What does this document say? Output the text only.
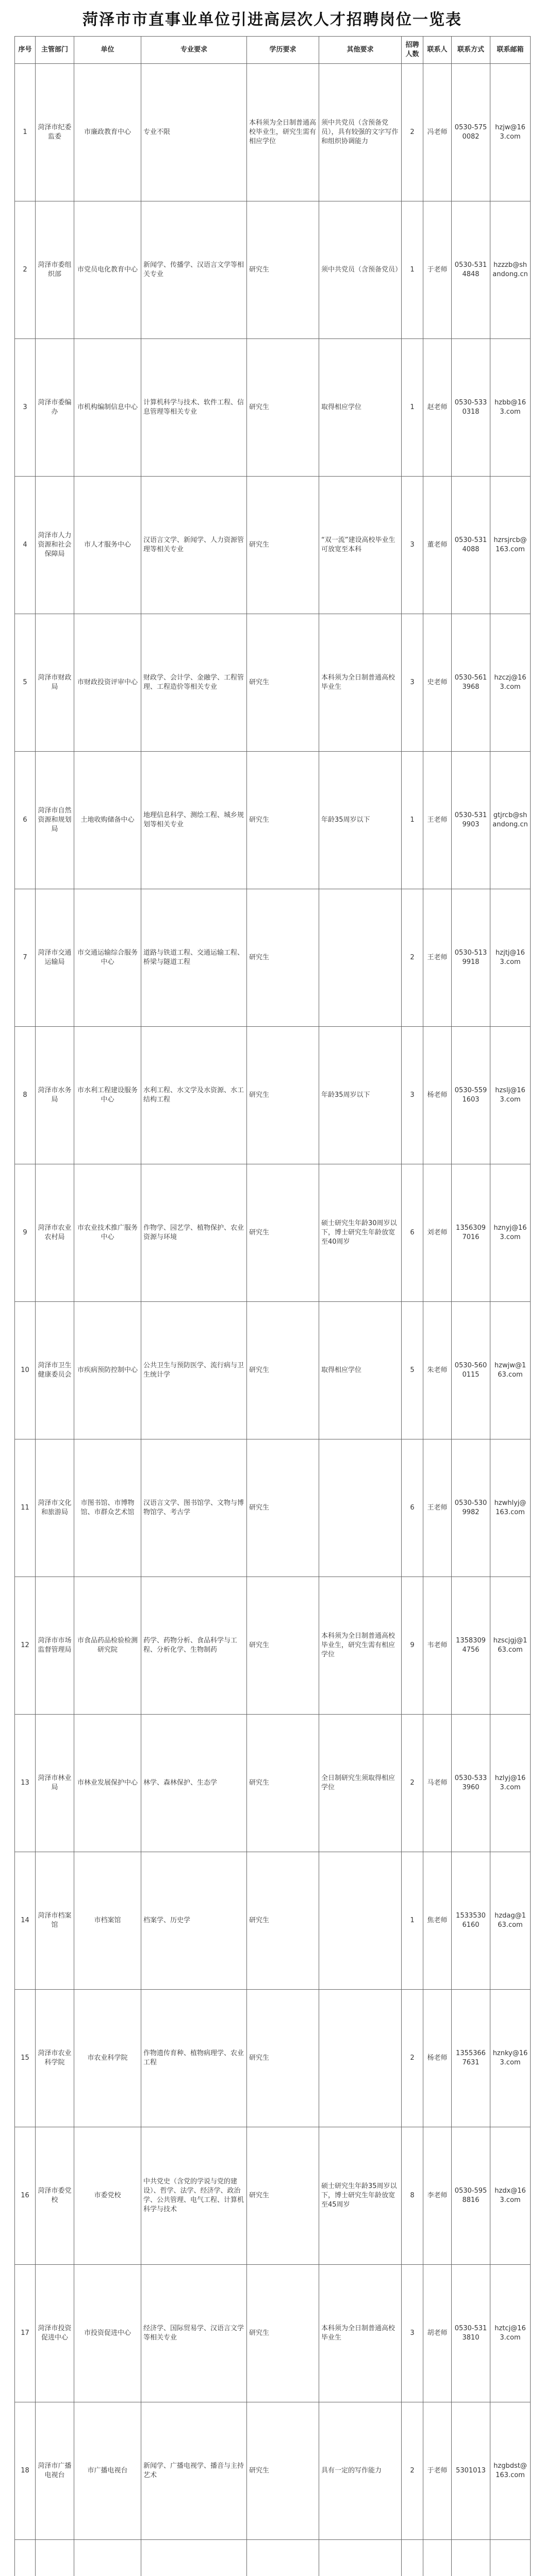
菏泽市市直事业单位引进高层次人才招聘岗位一览表
序号	主管部门	单位	专业要求	学历要求	其他要求	招聘人数	联系人	联系方式	联系邮箱
1	菏泽市纪委监委	市廉政教育中心	专业不限	本科须为全日制普通高校毕业生，研究生需有相应学位	须中共党员（含预备党员），具有较强的文字写作和组织协调能力	2	冯老师	0530-5750082	hzjw@163.com
2	菏泽市委组织部	市党员电化教育中心	新闻学、传播学、汉语言文学等相关专业	研究生	须中共党员（含预备党员）	1	于老师	0530-5314848	hzzzb@shandong.cn
3	菏泽市委编办	市机构编制信息中心	计算机科学与技术、软件工程、信息管理等相关专业	研究生	取得相应学位	1	赵老师	0530-5330318	hzbb@163.com
4	菏泽市人力资源和社会保障局	市人才服务中心	汉语言文学、新闻学、人力资源管理等相关专业	研究生	“双一流”建设高校毕业生可放宽至本科	3	董老师	0530-5314088	hzrsjrcb@163.com
5	菏泽市财政局	市财政投资评审中心	财政学、会计学、金融学、工程管理、工程造价等相关专业	研究生	本科须为全日制普通高校毕业生	3	史老师	0530-5613968	hzczj@163.com
6	菏泽市自然资源和规划局	土地收购储备中心	地理信息科学、测绘工程、城乡规划等相关专业	研究生	年龄35周岁以下	1	王老师	0530-5319903	gtjrcb@shandong.cn
7	菏泽市交通运输局	市交通运输综合服务中心	道路与铁道工程、交通运输工程、桥梁与隧道工程	研究生		2	王老师	0530-5139918	hzjtj@163.com
8	菏泽市水务局	市水利工程建设服务中心	水利工程、水文学及水资源、水工结构工程	研究生	年龄35周岁以下	3	杨老师	0530-5591603	hzslj@163.com
9	菏泽市农业农村局	市农业技术推广服务中心	作物学、园艺学、植物保护、农业资源与环境	研究生	硕士研究生年龄30周岁以下，博士研究生年龄放宽至40周岁	6	刘老师	13563097016	hznyj@163.com
10	菏泽市卫生健康委员会	市疾病预防控制中心	公共卫生与预防医学、流行病与卫生统计学	研究生	取得相应学位	5	朱老师	0530-5600115	hzwjw@163.com
11	菏泽市文化和旅游局	市图书馆、市博物馆、市群众艺术馆	汉语言文学、图书馆学、文物与博物馆学、考古学	研究生		6	王老师	0530-5309982	hzwhlyj@163.com
12	菏泽市市场监督管理局	市食品药品检验检测研究院	药学、药物分析、食品科学与工程、分析化学、生物制药	研究生	本科须为全日制普通高校毕业生，研究生需有相应学位	9	韦老师	13583094756	hzscjgj@163.com
13	菏泽市林业局	市林业发展保护中心	林学、森林保护、生态学	研究生	全日制研究生须取得相应学位	2	马老师	0530-5333960	hzlyj@163.com
14	菏泽市档案馆	市档案馆	档案学、历史学	研究生		1	焦老师	15335306160	hzdag@163.com
15	菏泽市农业科学院	市农业科学院	作物遗传育种、植物病理学、农业工程	研究生		2	杨老师	13553667631	hznky@163.com
16	菏泽市委党校	市委党校	中共党史（含党的学说与党的建设）、哲学、法学、经济学、政治学、公共管理、电气工程、计算机科学与技术	研究生	硕士研究生年龄35周岁以下，博士研究生年龄放宽至45周岁	8	李老师	0530-5958816	hzdx@163.com
17	菏泽市投资促进中心	市投资促进中心	经济学、国际贸易学、汉语言文学等相关专业	研究生	本科须为全日制普通高校毕业生	3	胡老师	0530-5313810	hztcj@163.com
18	菏泽市广播电视台	市广播电视台	新闻学、广播电视学、播音与主持艺术	研究生	具有一定的写作能力	2	于老师	5301013	hzgbdst@163.com
